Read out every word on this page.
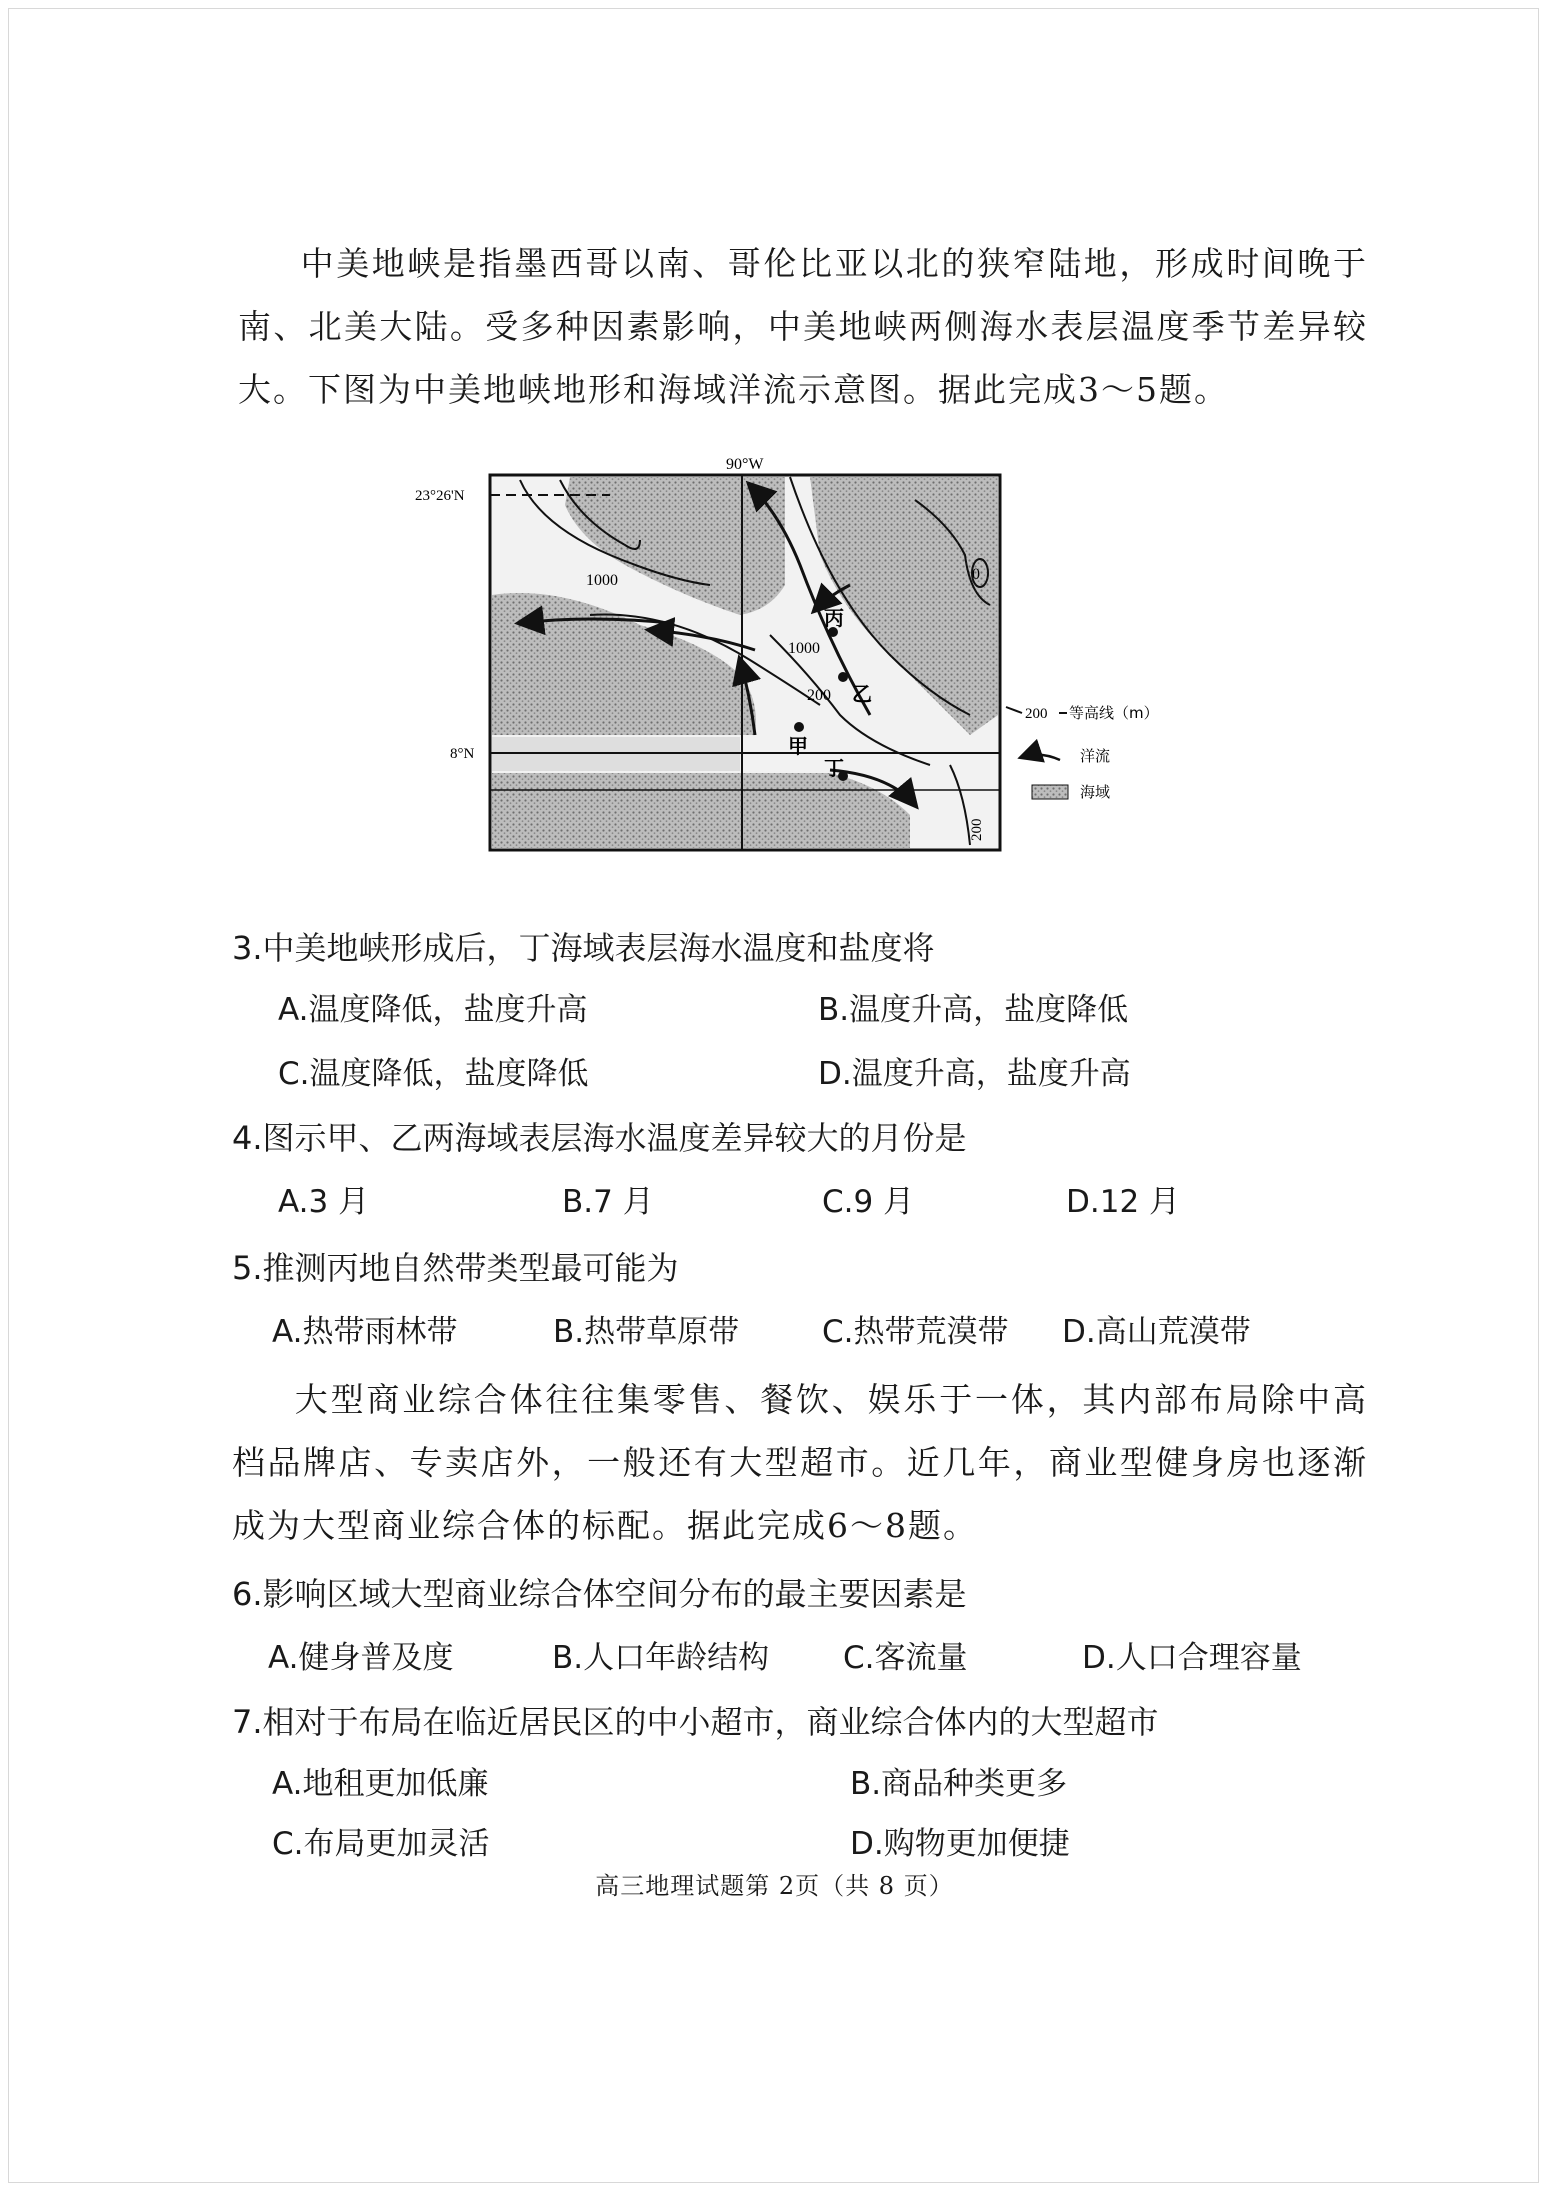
中美地峡是指墨西哥以南、哥伦比亚以北的狭窄陆地，形成时间晚于南、北美大陆。受多种因素影响，中美地峡两侧海水表层温度季节差异较大。下图为中美地峡地形和海域洋流示意图。据此完成3～5题。
90°W
23°26'N
8°N
1000
1000
200
0
200
丙
乙
甲
丁
200 等高线（m）
洋流
海域
3.中美地峡形成后，丁海域表层海水温度和盐度将
A.温度降低，盐度升高	B.温度升高，盐度降低
C.温度降低，盐度降低	D.温度升高，盐度升高
4.图示甲、乙两海域表层海水温度差异较大的月份是
A.3 月	B.7 月	C.9 月	D.12 月
5.推测丙地自然带类型最可能为
A.热带雨林带	B.热带草原带	C.热带荒漠带 D.高山荒漠带
大型商业综合体往往集零售、餐饮、娱乐于一体，其内部布局除中高档品牌店、专卖店外，一般还有大型超市。近几年，商业型健身房也逐渐成为大型商业综合体的标配。据此完成6～8题。
6.影响区域大型商业综合体空间分布的最主要因素是
A.健身普及度	B.人口年龄结构 C.客流量	D.人口合理容量
7.相对于布局在临近居民区的中小超市，商业综合体内的大型超市
A.地租更加低廉	B.商品种类更多
C.布局更加灵活	D.购物更加便捷
高三地理试题第 2页（共 8 页）
